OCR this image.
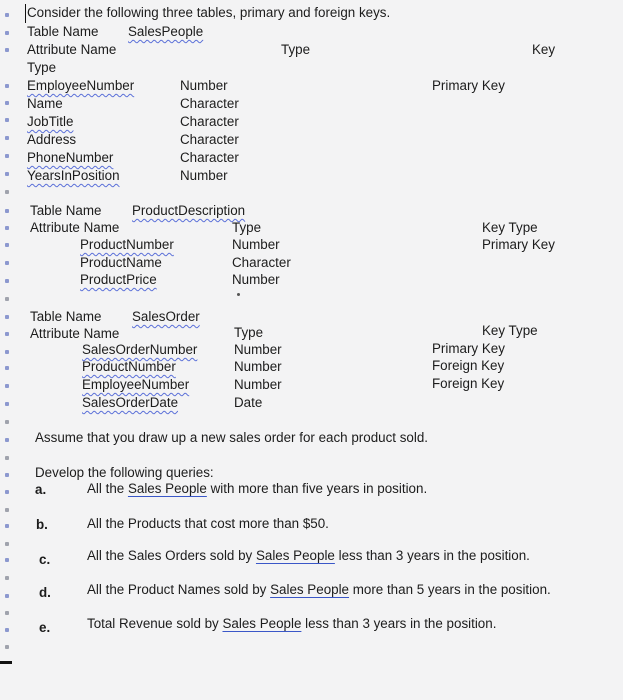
Consider the following three tables, primary and foreign keys.
Table Name SalesPeople
Attribute Name	Type	Key
Type
EmployeeNumber	Number	Primary Key
Name	Character
JobTitle	Character
Address	Character
PhoneNumber	Character
YearsInPosition	Number
Table Name ProductDescription
Attribute Name	Type	Key Type
ProductNumber	Number	Primary Key
ProductName	Character
ProductPrice	Number
Table Name SalesOrder
Attribute Name	Type	Key Type
SalesOrderNumber	Number	Primary Key
ProductNumber	Number	Foreign Key
EmployeeNumber	Number	Foreign Key
SalesOrderDate	Date
Assume that you draw up a new sales order for each product sold.
Develop the following queries:
a.	All the Sales People with more than five years in position.
b.	All the Products that cost more than $50.
c.	All the Sales Orders sold by Sales People less than 3 years in the position.
d.	All the Product Names sold by Sales People more than 5 years in the position.
e.	Total Revenue sold by Sales People less than 3 years in the position.
